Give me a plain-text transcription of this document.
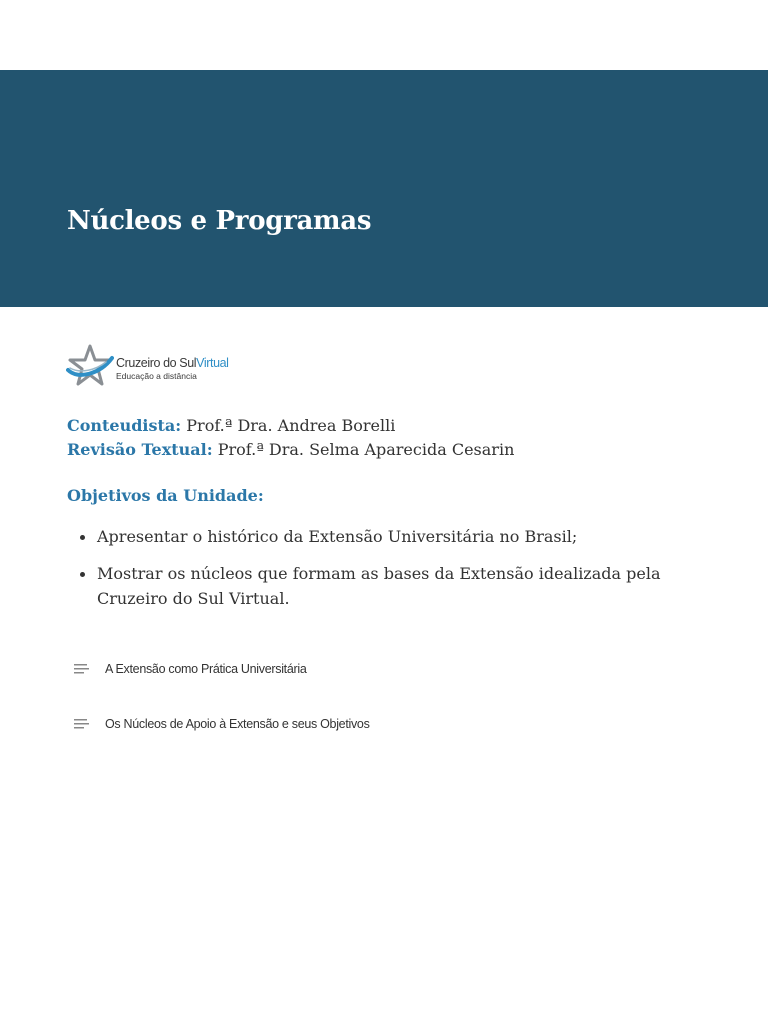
Núcleos e Programas
Cruzeiro do SulVirtual
Educação a distância
Conteudista: Prof.ª Dra. Andrea Borelli
Revisão Textual: Prof.ª Dra. Selma Aparecida Cesarin
Objetivos da Unidade:
Apresentar o histórico da Extensão Universitária no Brasil;
Mostrar os núcleos que formam as bases da Extensão idealizada pela Cruzeiro do Sul Virtual.
A Extensão como Prática Universitária
Os Núcleos de Apoio à Extensão e seus Objetivos
